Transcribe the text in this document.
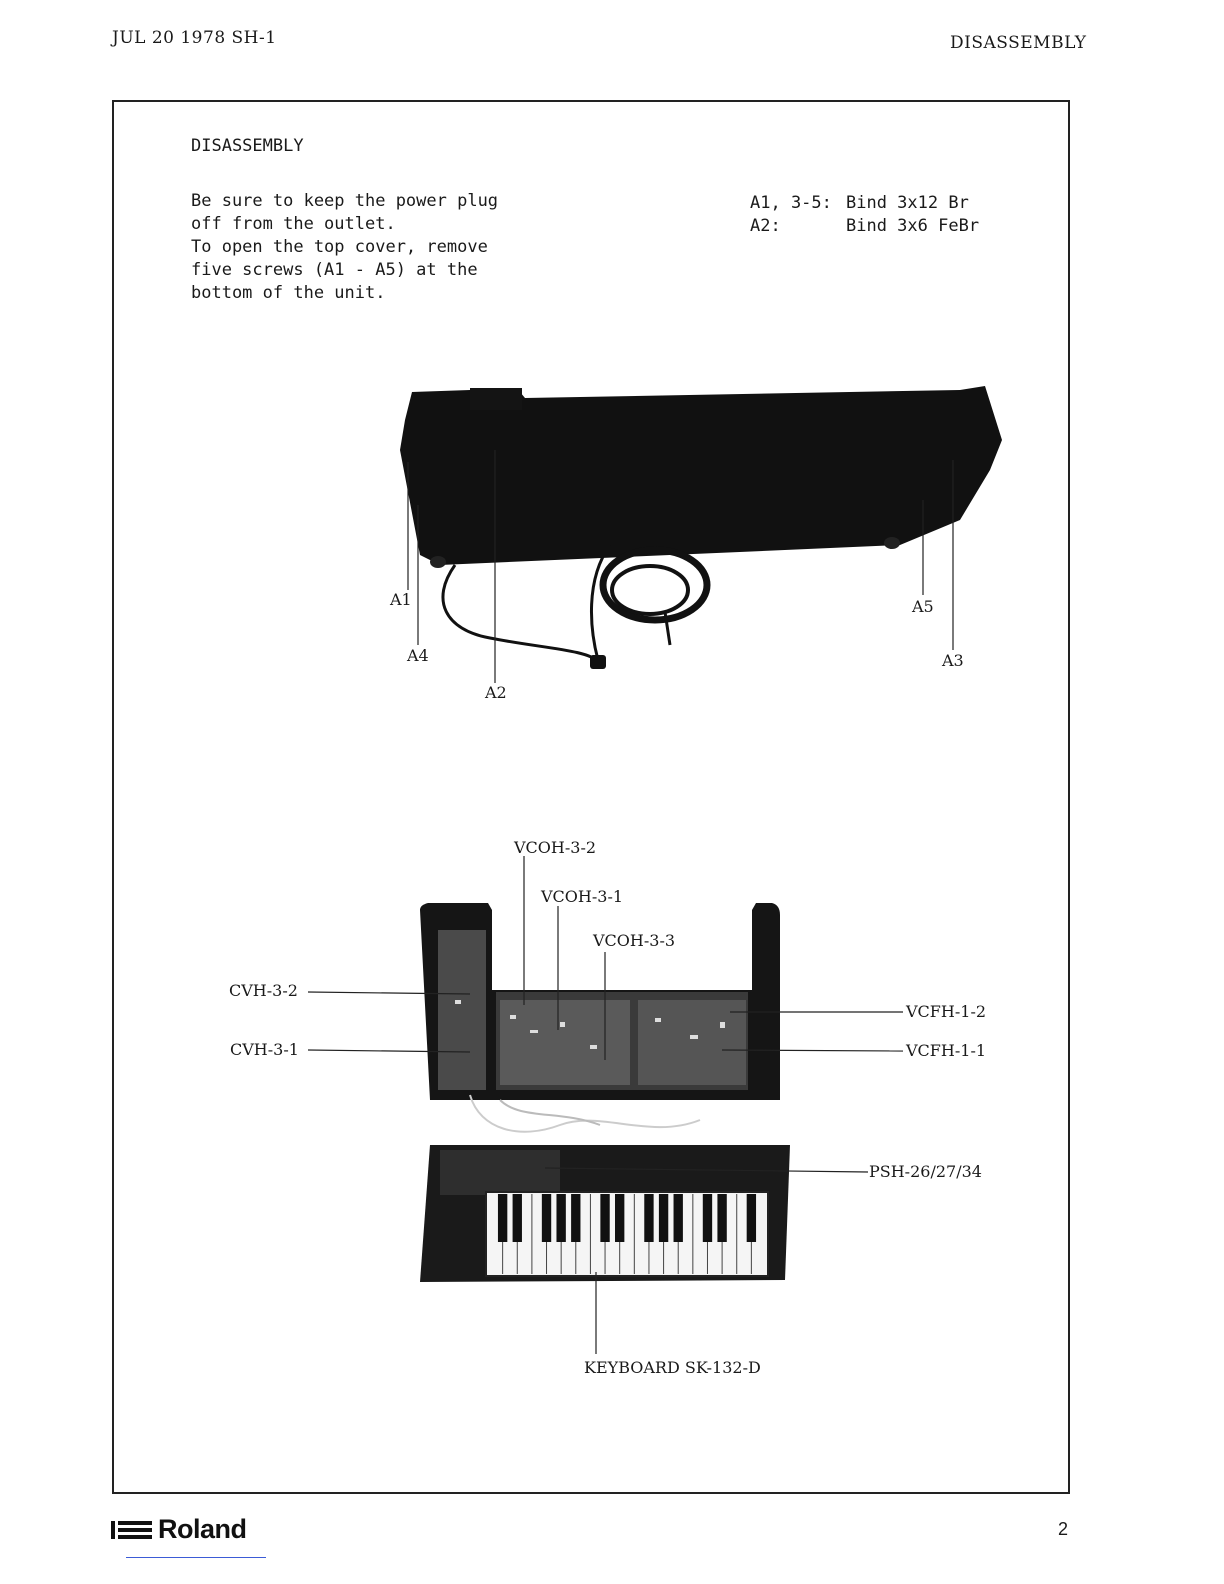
JUL 20 1978 SH-1	DISASSEMBLY
DISASSEMBLY
Be sure to keep the power plug
off from the outlet.
To open the top cover, remove
five screws (A1 - A5) at the
bottom of the unit.
A1, 3-5: Bind 3x12 Br
A2:	Bind 3x6 FeBr
A1
A4
A2
A5
A3
VCOH-3-2
VCOH-3-1
VCOH-3-3
CVH-3-2
CVH-3-1
VCFH-1-2
VCFH-1-1
PSH-26/27/34
KEYBOARD SK-132-D
Roland	2
